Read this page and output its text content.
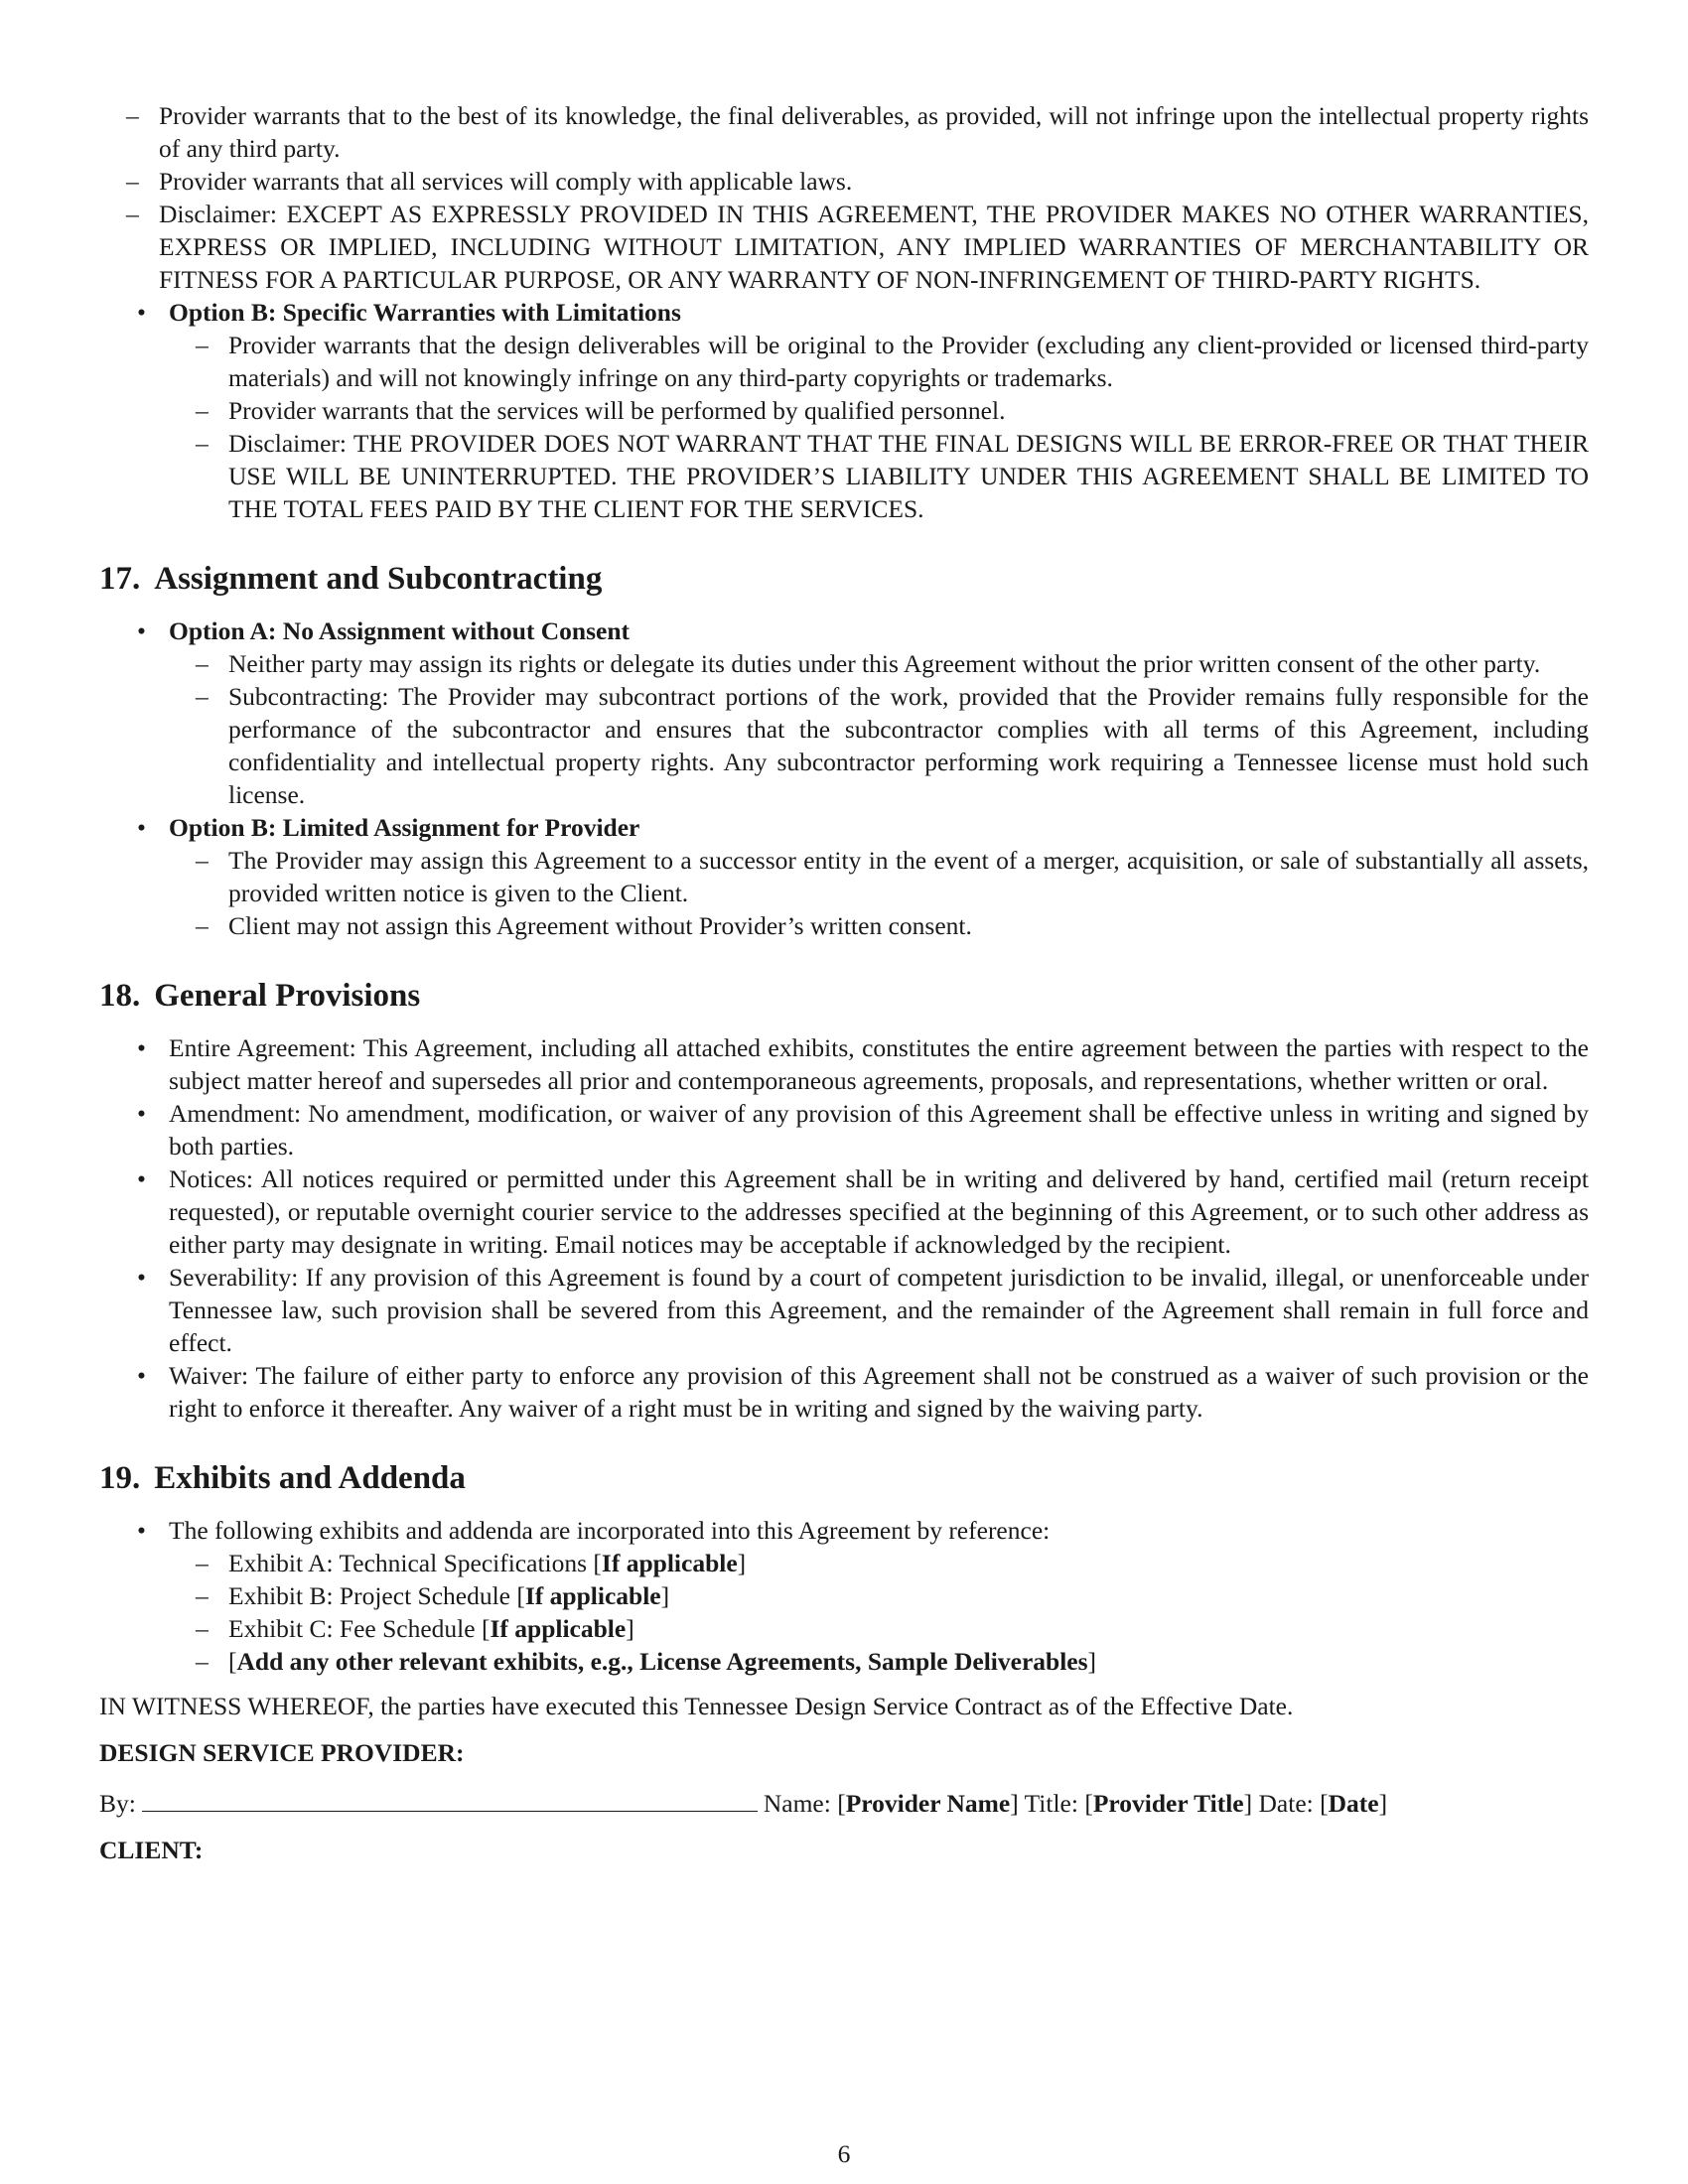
– Provider warrants that to the best of its knowledge, the final deliverables, as provided, will not infringe upon the intellectual property rights of any third party.
– Provider warrants that all services will comply with applicable laws.
– Disclaimer: EXCEPT AS EXPRESSLY PROVIDED IN THIS AGREEMENT, THE PROVIDER MAKES NO OTHER WARRANTIES, EXPRESS OR IMPLIED, INCLUDING WITHOUT LIMITATION, ANY IMPLIED WARRANTIES OF MERCHANTABILITY OR FITNESS FOR A PARTICULAR PURPOSE, OR ANY WARRANTY OF NON-INFRINGEMENT OF THIRD-PARTY RIGHTS.
• Option B: Specific Warranties with Limitations
– Provider warrants that the design deliverables will be original to the Provider (excluding any client-provided or licensed third-party materials) and will not knowingly infringe on any third-party copyrights or trademarks.
– Provider warrants that the services will be performed by qualified personnel.
– Disclaimer: THE PROVIDER DOES NOT WARRANT THAT THE FINAL DESIGNS WILL BE ERROR-FREE OR THAT THEIR USE WILL BE UNINTERRUPTED. THE PROVIDER’S LIABILITY UNDER THIS AGREEMENT SHALL BE LIMITED TO THE TOTAL FEES PAID BY THE CLIENT FOR THE SERVICES.
17. Assignment and Subcontracting
• Option A: No Assignment without Consent
– Neither party may assign its rights or delegate its duties under this Agreement without the prior written consent of the other party.
– Subcontracting: The Provider may subcontract portions of the work, provided that the Provider remains fully responsible for the performance of the subcontractor and ensures that the subcontractor complies with all terms of this Agreement, including confidentiality and intellectual property rights. Any subcontractor performing work requiring a Tennessee license must hold such license.
• Option B: Limited Assignment for Provider
– The Provider may assign this Agreement to a successor entity in the event of a merger, acquisition, or sale of substantially all assets, provided written notice is given to the Client.
– Client may not assign this Agreement without Provider’s written consent.
18. General Provisions
• Entire Agreement: This Agreement, including all attached exhibits, constitutes the entire agreement between the parties with respect to the subject matter hereof and supersedes all prior and contemporaneous agreements, proposals, and representations, whether written or oral.
• Amendment: No amendment, modification, or waiver of any provision of this Agreement shall be effective unless in writing and signed by both parties.
• Notices: All notices required or permitted under this Agreement shall be in writing and delivered by hand, certified mail (return receipt requested), or reputable overnight courier service to the addresses specified at the beginning of this Agreement, or to such other address as either party may designate in writing. Email notices may be acceptable if acknowledged by the recipient.
• Severability: If any provision of this Agreement is found by a court of competent jurisdiction to be invalid, illegal, or unenforceable under Tennessee law, such provision shall be severed from this Agreement, and the remainder of the Agreement shall remain in full force and effect.
• Waiver: The failure of either party to enforce any provision of this Agreement shall not be construed as a waiver of such provision or the right to enforce it thereafter. Any waiver of a right must be in writing and signed by the waiving party.
19. Exhibits and Addenda
• The following exhibits and addenda are incorporated into this Agreement by reference:
– Exhibit A: Technical Specifications [If applicable]
– Exhibit B: Project Schedule [If applicable]
– Exhibit C: Fee Schedule [If applicable]
– [Add any other relevant exhibits, e.g., License Agreements, Sample Deliverables]

IN WITNESS WHEREOF, the parties have executed this Tennessee Design Service Contract as of the Effective Date.

DESIGN SERVICE PROVIDER:

By:	Name: [Provider Name] Title: [Provider Title] Date: [Date]

CLIENT:

6
